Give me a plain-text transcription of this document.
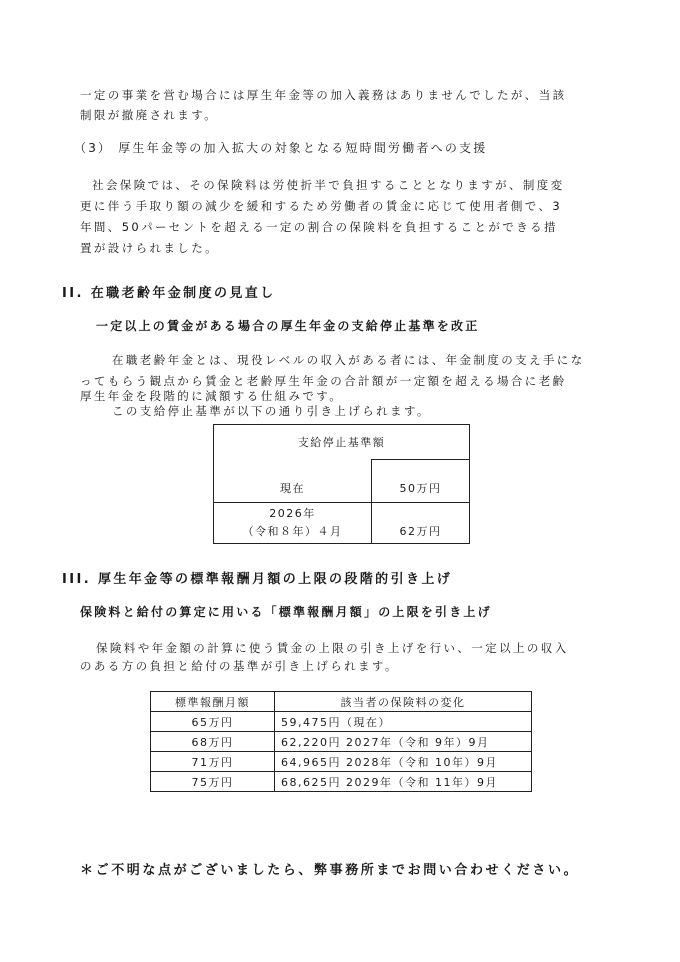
一定の事業を営む場合には厚生年金等の加入義務はありませんでしたが、当該
制限が撤廃されます。
（3） 厚生年金等の加入拡大の対象となる短時間労働者への支援
社会保険では、その保険料は労使折半で負担することとなりますが、制度変
更に伴う手取り額の減少を緩和するため労働者の賃金に応じて使用者側で、3
年間、50パーセントを超える一定の割合の保険料を負担することができる措
置が設けられました。
II. 在職老齢年金制度の見直し
一定以上の賃金がある場合の厚生年金の支給停止基準を改正
在職老齢年金とは、現役レベルの収入がある者には、年金制度の支え手にな
ってもらう観点から賃金と老齢厚生年金の合計額が一定額を超える場合に老齢
厚生年金を段階的に減額する仕組みです。
この支給停止基準が以下の通り引き上げられます。
支給停止基準額	
現在	50万円

2026年
（令和８年）４月	62万円
III. 厚生年金等の標準報酬月額の上限の段階的引き上げ
保険料と給付の算定に用いる「標準報酬月額」の上限を引き上げ
保険料や年金額の計算に使う賃金の上限の引き上げを行い、一定以上の収入
のある方の負担と給付の基準が引き上げられます。
標準報酬月額	該当者の保険料の変化
65万円	59,475円（現在）
68万円	62,220円 2027年（令和 9年）9月
71万円	64,965円 2028年（令和 10年）9月
75万円	68,625円 2029年（令和 11年）9月
＊ご不明な点がございましたら、弊事務所までお問い合わせください。
